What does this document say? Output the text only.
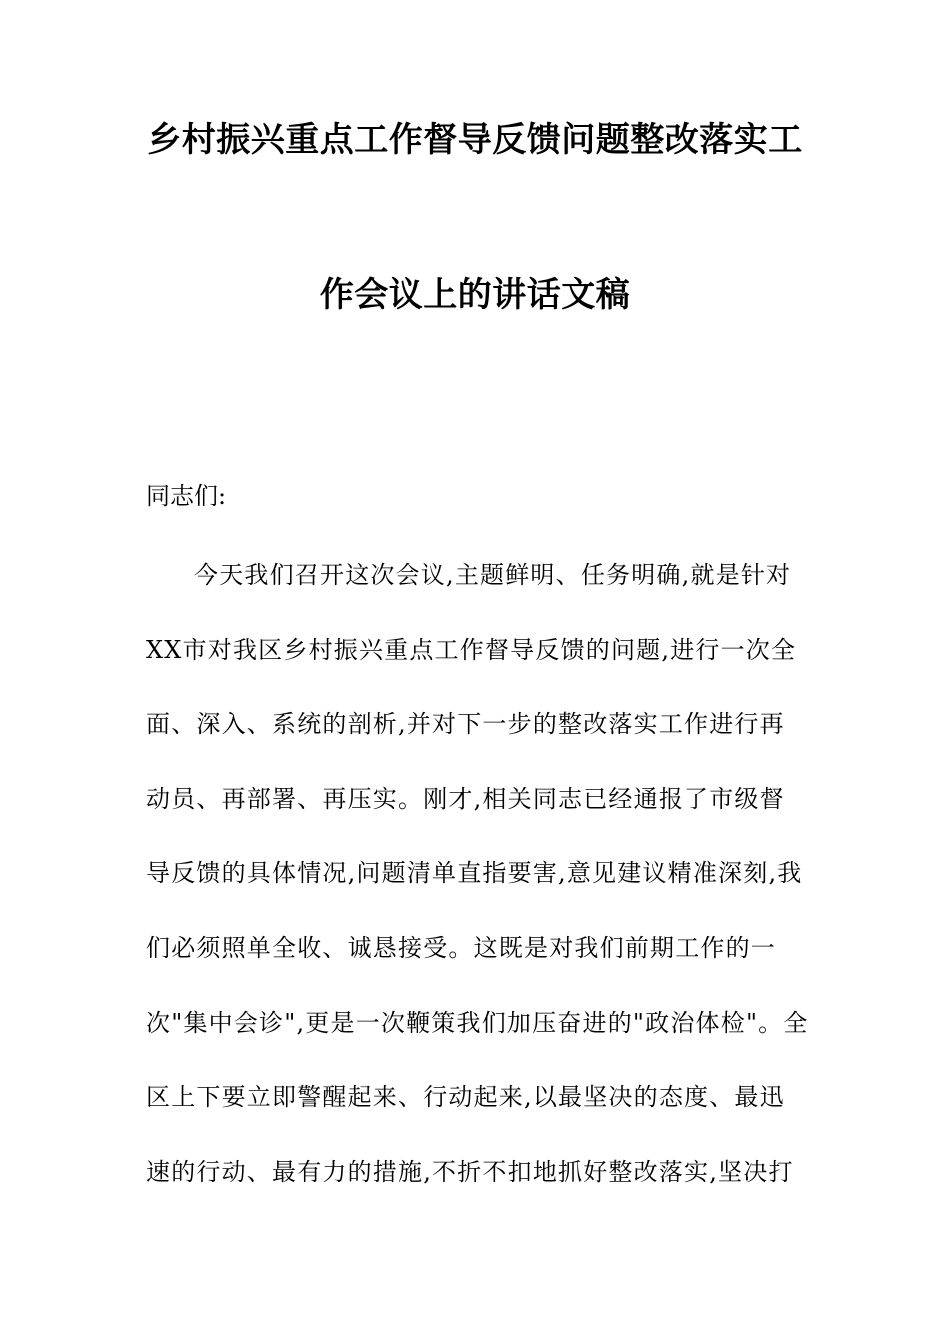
乡村振兴重点工作督导反馈问题整改落实工
作会议上的讲话文稿
同志们:
今天我们召开这次会议,主题鲜明、任务明确,就是针对
XX市对我区乡村振兴重点工作督导反馈的问题,进行一次全
面、深入、系统的剖析,并对下一步的整改落实工作进行再
动员、再部署、再压实。刚才,相关同志已经通报了市级督
导反馈的具体情况,问题清单直指要害,意见建议精准深刻,我
们必须照单全收、诚恳接受。这既是对我们前期工作的一
次"集中会诊",更是一次鞭策我们加压奋进的"政治体检"。全
区上下要立即警醒起来、行动起来,以最坚决的态度、最迅
速的行动、最有力的措施,不折不扣地抓好整改落实,坚决打
